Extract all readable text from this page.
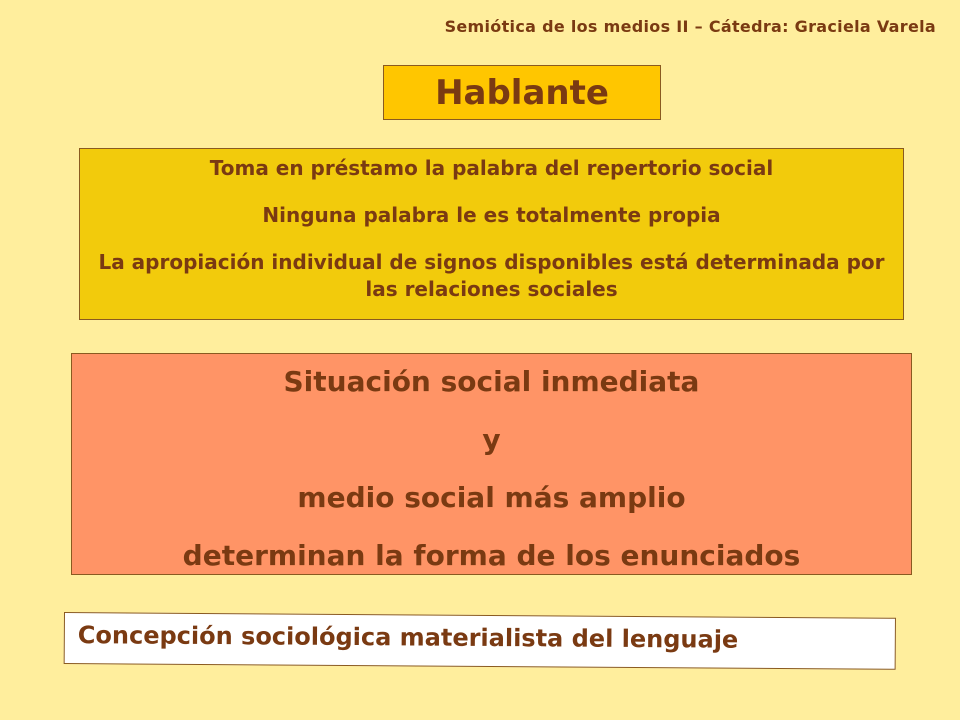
Semiótica de los medios II – Cátedra: Graciela Varela
Hablante
Toma en préstamo la palabra del repertorio social
Ninguna palabra le es totalmente propia
La apropiación individual de signos disponibles está determinada por las relaciones sociales
Situación social inmediata
y
medio social más amplio
determinan la forma de los enunciados
Concepción sociológica materialista del lenguaje
